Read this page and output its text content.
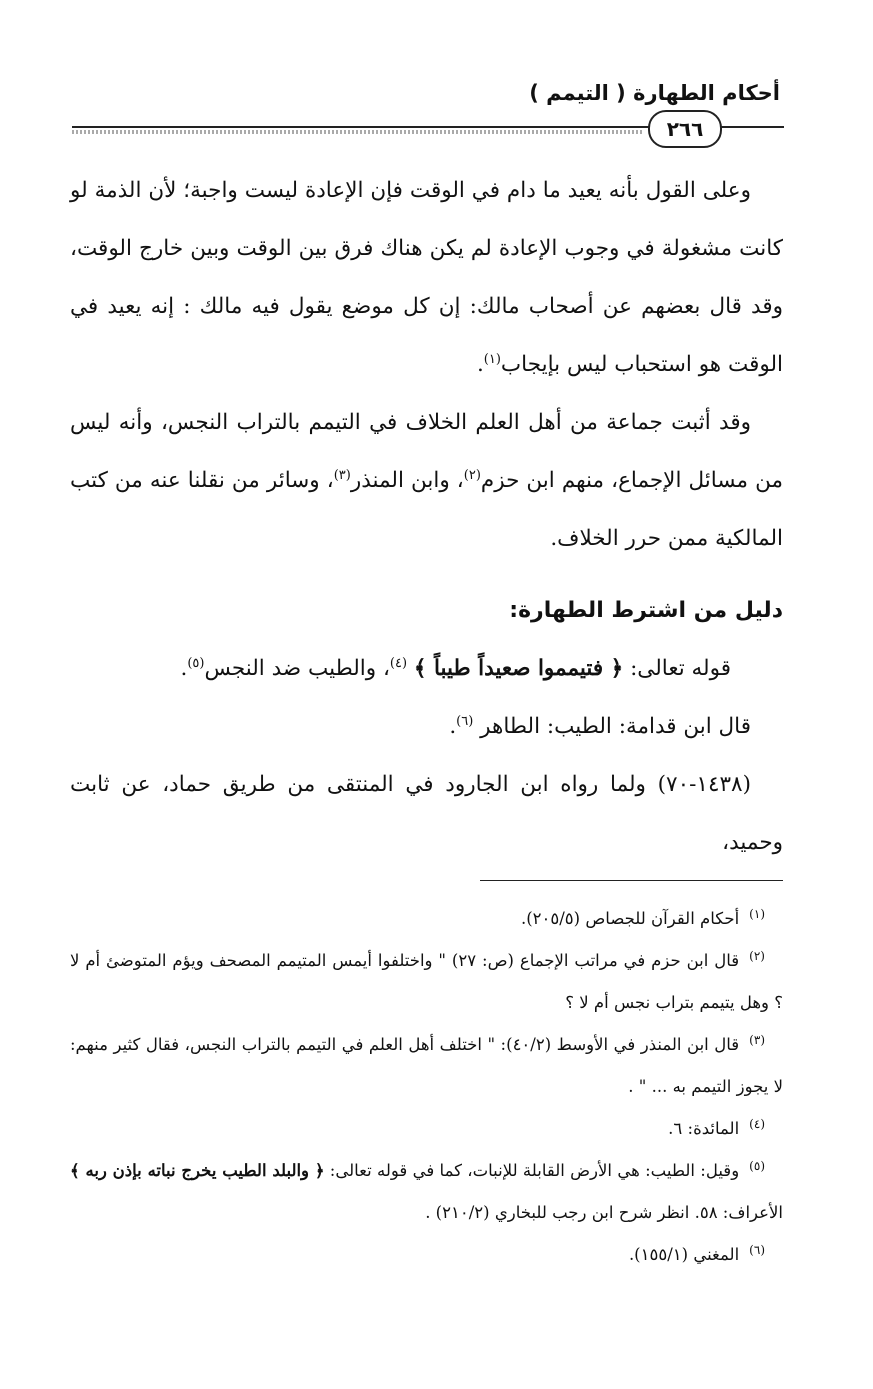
أحكام الطهارة ( التيمم )
٢٦٦

وعلى القول بأنه يعيد ما دام في الوقت فإن الإعادة ليست واجبة؛ لأن الذمة لو كانت مشغولة في وجوب الإعادة لم يكن هناك فرق بين الوقت وبين خارج الوقت، وقد قال بعضهم عن أصحاب مالك: إن كل موضع يقول فيه مالك : إنه يعيد في الوقت هو استحباب ليس بإيجاب$^{(١)}$.

وقد أثبت جماعة من أهل العلم الخلاف في التيمم بالتراب النجس، وأنه ليس من مسائل الإجماع، منهم ابن حزم$^{(٢)}$، وابن المنذر$^{(٣)}$، وسائر من نقلنا عنه من كتب المالكية ممن حرر الخلاف.

دليل من اشترط الطهارة:

قوله تعالى: ﴿ فتيمموا صعيداً طيباً ﴾ $^{(٤)}$، والطيب ضد النجس$^{(٥)}$.

قال ابن قدامة: الطيب: الطاهر $^{(٦)}$.

(١٤٣٨-٧٠) ولما رواه ابن الجارود في المنتقى من طريق حماد، عن ثابت وحميد،

$^{(١)}$أحكام القرآن للجصاص (٢٠٥/٥).

$^{(٢)}$قال ابن حزم في مراتب الإجماع (ص: ٢٧) " واختلفوا أيمس المتيمم المصحف ويؤم المتوضئ أم لا ؟ وهل يتيمم بتراب نجس أم لا ؟

$^{(٣)}$قال ابن المنذر في الأوسط (٤٠/٢): " اختلف أهل العلم في التيمم بالتراب النجس، فقال كثير منهم: لا يجوز التيمم به ... " .

$^{(٤)}$المائدة: ٦.

$^{(٥)}$وقيل: الطيب: هي الأرض القابلة للإنبات، كما في قوله تعالى: ﴿ والبلد الطيب يخرج نباته بإذن ربه ﴾ الأعراف: ٥٨. انظر شرح ابن رجب للبخاري (٢١٠/٢) .

$^{(٦)}$المغني (١٥٥/١).
